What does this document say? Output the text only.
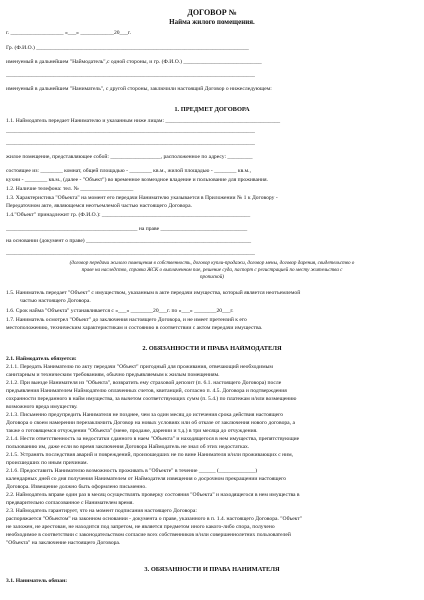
ДОГОВОР №
Найма жилого помещения.
г. ___________________ «___» ____________20___г.
Гр. (Ф.И.О.) ____________________________________________________________________________
именуемый в дальнейшем "Наймодатель",с одной стороны, и гр. (Ф.И.О.) ____________________________
_________________________________________________________________________________________
именуемый в дальнейшем "Наниматель", с другой стороны, заключили настоящий Договор о нижеследующем:
1. ПРЕДМЕТ ДОГОВОРА
1.1. Наймодатель передает Нанимателю и указанным ниже лицам: _________________________________________
_________________________________________________________________________________________
_________________________________________________________________________________________
жилое помещение, представляющее собой: __________________, расположенное по адресу: _________
состоящее из: ________ комнат, общей площадью - ________ кв.м., жилой площадью - ________ кв.м.,
кухни - ________ кв.м., (далее - "Объект") во временное возмездное владение и пользование для проживания.
1.2. Наличие телефона: тел. № ___________________
1.3. Характеристика "Объекта" на момент его передачи Нанимателю указывается в Приложении № 1 к Договору -
Передаточном акте, являющемся неотъемлемой частью настоящего Договора.
1.4."Объект" принадлежит гр. (Ф.И.О.): _____________________________________________________
_______________________________________________ на праве _______________________________
на основании (документ о праве) ___________________________________________________________
_________________________________________________________________________________________
(договор передачи жилого помещения в собственность, договор купли-продажи, договор мены, договор дарения, свидетельство о
праве на наследство, справка ЖСК о выплаченном пае, решение суда, паспорт с регистрацией по месту жительства с
пропиской)
1.5. Наниматель передает "Объект" с имуществом, указанным в акте передачи имущества, который является неотъемлемой
частью настоящего Договора.
1.6. Срок найма "Объекта" устанавливается с «___» ________20___г. по «___» ________20___г.
1.7. Наниматель осмотрел "Объект" до заключения настоящего Договора, и не имеет претензий к его
местоположению, техническим характеристикам и состоянию в соответствии с актом передачи имущества.
2. ОБЯЗАННОСТИ И ПРАВА НАЙМОДАТЕЛЯ
2.1. Наймодатель обязуется:
2.1.1. Передать Нанимателю по акту передачи "Объект" пригодный для проживания, отвечающий необходимым
санитарным и техническим требованиям, обычно предъявляемым к жилым помещениям.
2.1.2. При выезде Нанимателя из "Объекта", возвратить ему страховой депозит (п. 6.1. настоящего Договора) после
предъявления Нанимателем Наймодателю оплаченных счетов, квитанций, согласно п. 4.5. Договора и подтверждения
сохранности переданного в найм имущества, за вычетом соответствующих сумм (п. 5.4.) по платежам и/или возмещению
возможного вреда имуществу.
2.1.3. Письменно предупредить Нанимателя не позднее, чем за один месяц до истечения срока действия настоящего
Договора о своем намерении перезаключить Договор на новых условиях или об отказе от заключения нового договора, а
также о готовящемся отчуждении "Объекта" (мене, продаже, дарении и т.д.) в три месяца до отчуждения.
2.1.4. Нести ответственность за недостатки сданного в наем "Объекта" и находящегося в нем имущества, препятствующие
пользованию им, даже если во время заключения Договора Наймодатель не знал об этих недостатках.
2.1.5. Устранять последствия аварий и повреждений, произошедших не по вине Нанимателя и/или проживающих с ним,
происшедших по иным причинам.
2.1.6. Предоставить Нанимателю возможность проживать в "Объекте" в течение ______ (_____________)
календарных дней со дня получения Нанимателем от Наймодателя извещения о досрочном прекращении настоящего
Договора. Извещение должно быть оформлено письменно.
2.2. Наймодатель вправе один раз в месяц осуществлять проверку состояния "Объекта" и находящегося в нем имущества в
предварительно согласованное с Нанимателем время.
2.3. Наймодатель гарантирует, что на момент подписания настоящего Договора:
распоряжается "Объектом" на законном основании - документа о праве, указанного в п. 1.4. настоящего Договора. "Объект"
не заложен, не арестован, не находится под запретом, не является предметом иного какого-либо спора, получено
необходимое в соответствии с законодательством согласие всех собственников и/или совершеннолетних пользователей
"Объекта" на заключение настоящего Договора.
3. ОБЯЗАННОСТИ И ПРАВА НАНИМАТЕЛЯ
3.1. Наниматель обязан:
